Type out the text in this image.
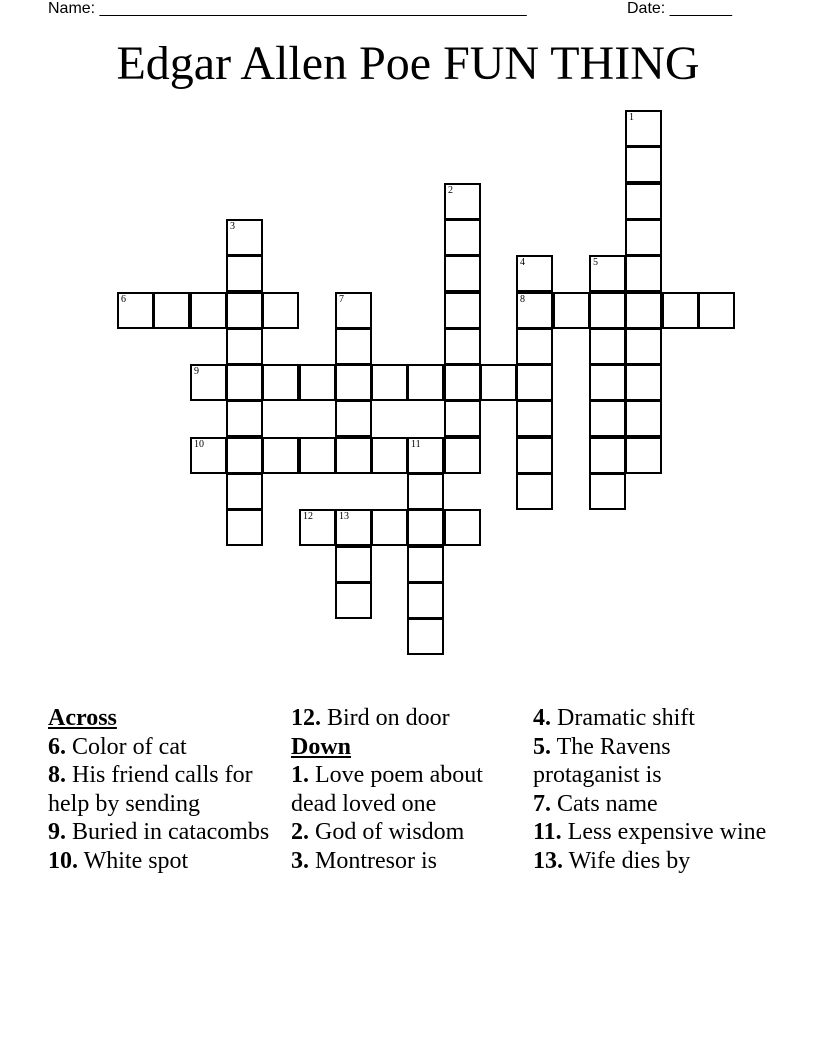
Name: ________________________________________________	Date: _______
Edgar Allen Poe FUN THING
1
2
3
4
8
5
6	7
9
10	11
12	13
Across

6. Color of cat

8. His friend calls for help by sending

9. Buried in catacombs

10. White spot

12. Bird on door

Down

1. Love poem about dead loved one

2. God of wisdom

3. Montresor is

4. Dramatic shift

5. The Ravens protaganist is

7. Cats name

11. Less expensive wine

13. Wife dies by
